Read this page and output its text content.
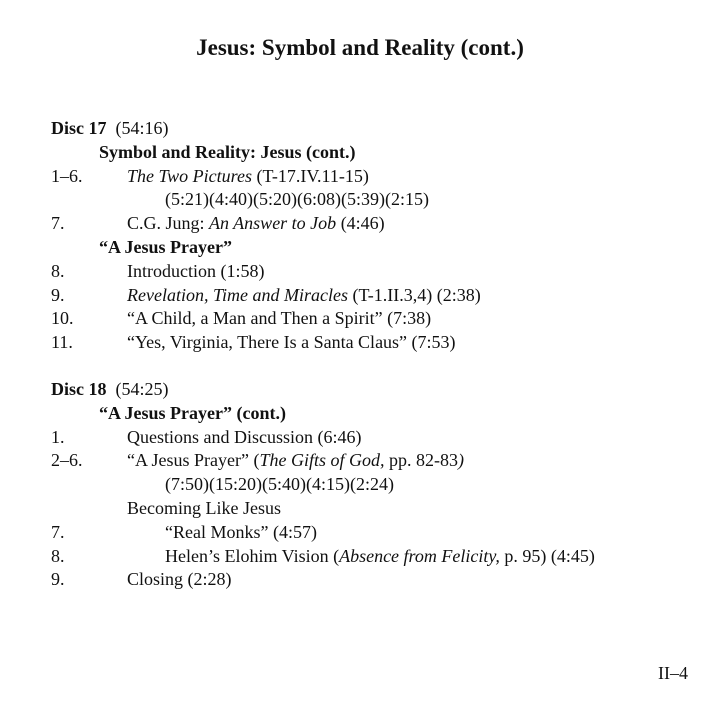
Jesus: Symbol and Reality (cont.)
Disc 17 (54:16)
Symbol and Reality: Jesus (cont.)
1–6. The Two Pictures (T-17.IV.11-15)
(5:21)(4:40)(5:20)(6:08)(5:39)(2:15)
7.	C.G. Jung: An Answer to Job (4:46)
“A Jesus Prayer”
8.	Introduction (1:58)
9.	Revelation, Time and Miracles (T-1.II.3,4) (2:38)
10.	“A Child, a Man and Then a Spirit” (7:38)
11.	“Yes, Virginia, There Is a Santa Claus” (7:53)
Disc 18 (54:25)
“A Jesus Prayer” (cont.)
1.	Questions and Discussion (6:46)
2–6. “A Jesus Prayer” (The Gifts of God, pp. 82-83)
(7:50)(15:20)(5:40)(4:15)(2:24)
Becoming Like Jesus
7.	“Real Monks” (4:57)
8.	Helen’s Elohim Vision (Absence from Felicity, p. 95) (4:45)
9.	Closing (2:28)
II–4
